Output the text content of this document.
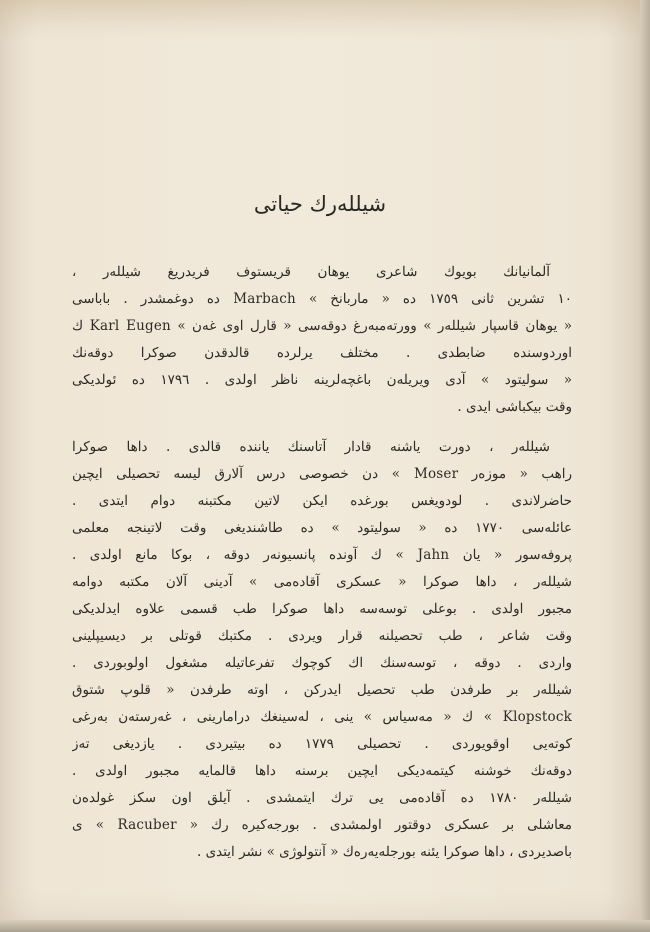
شیللەرك حیاتی
آلمانیانك بویوك شاعری یوهان قریستوف فریدریغ شیللەر ،
١٠ تشرین ثانی ١٧٥٩ دە « ماربانخ » Marbach دە دوغمشدر . باباسی
« یوهان قاسپار شیللەر » وورتەمبەرغ دوقەسی « قارل اوی غەن » Karl Eugen ك
اوردوسندە ضابطدی . مختلف یرلردە قالدقدن صوكرا دوقەنك
« سولیتود » آدی ویریلەن باغچەلرینە ناظر اولدی . ١٧٩٦ دە ئولدیكی
وقت بیكباشی ایدی .
شیللەر ، دورت یاشنە قادار آتاسنك یاننده قالدی . داها صوكرا
راهب « موزەر Moser » دن خصوصی درس آلارق لیسە تحصیلی ایچین
حاضرلاندی . لودویغس بورغدە ایكن لاتین مكتبنە دوام ایتدی .
عائلەسی ١٧٧٠ دە « سولیتود » دە طاشندیغی وقت لاتینجە معلمی
پروفەسور « یان Jahn » ك آوندە پانسیونەر دوقە ، بوكا مانع اولدی .
شیللەر ، داها صوكرا « عسكری آقادەمی » آدینی آلان مكتبە دوامە
مجبور اولدی . بوعلی توسەسە داها صوكرا طب قسمی علاوە ایدلدیكی
وقت شاعر ، طب تحصیلنە قرار ویردی . مكتبك قوتلی بر دیسیپلینی
واردی . دوقە ، توسەسنك اك كوچوك تفرعاتیلە مشغول اولوبوردی .
شیللەر بر طرفدن طب تحصیل ایدركن ، اوتە طرفدن « قلوپ شتوق
Klopstock » ك « مەسیاس » ینی ، لەسینغك درامارینی ، غەرستەن بەرغی
كوتەیی اوقویوردی . تحصیلی ١٧٧٩ دە بیتیردی . یازدیغی تەز
دوقەنك خوشنە كیتمەدیكی ایچین برسنە داها قالمایە مجبور اولدی .
شیللەر ١٧٨٠ دە آقادەمی یی ترك ایتمشدی . آیلق اون سكز غولدەن
معاشلی بر عسكری دوقتور اولمشدی . بورجەكیرە رك « Racuber » ی
باصدیردی ، داها صوكرا یئنە بورجلەیەرەك « آنتولوژی » نشر ایتدی .
